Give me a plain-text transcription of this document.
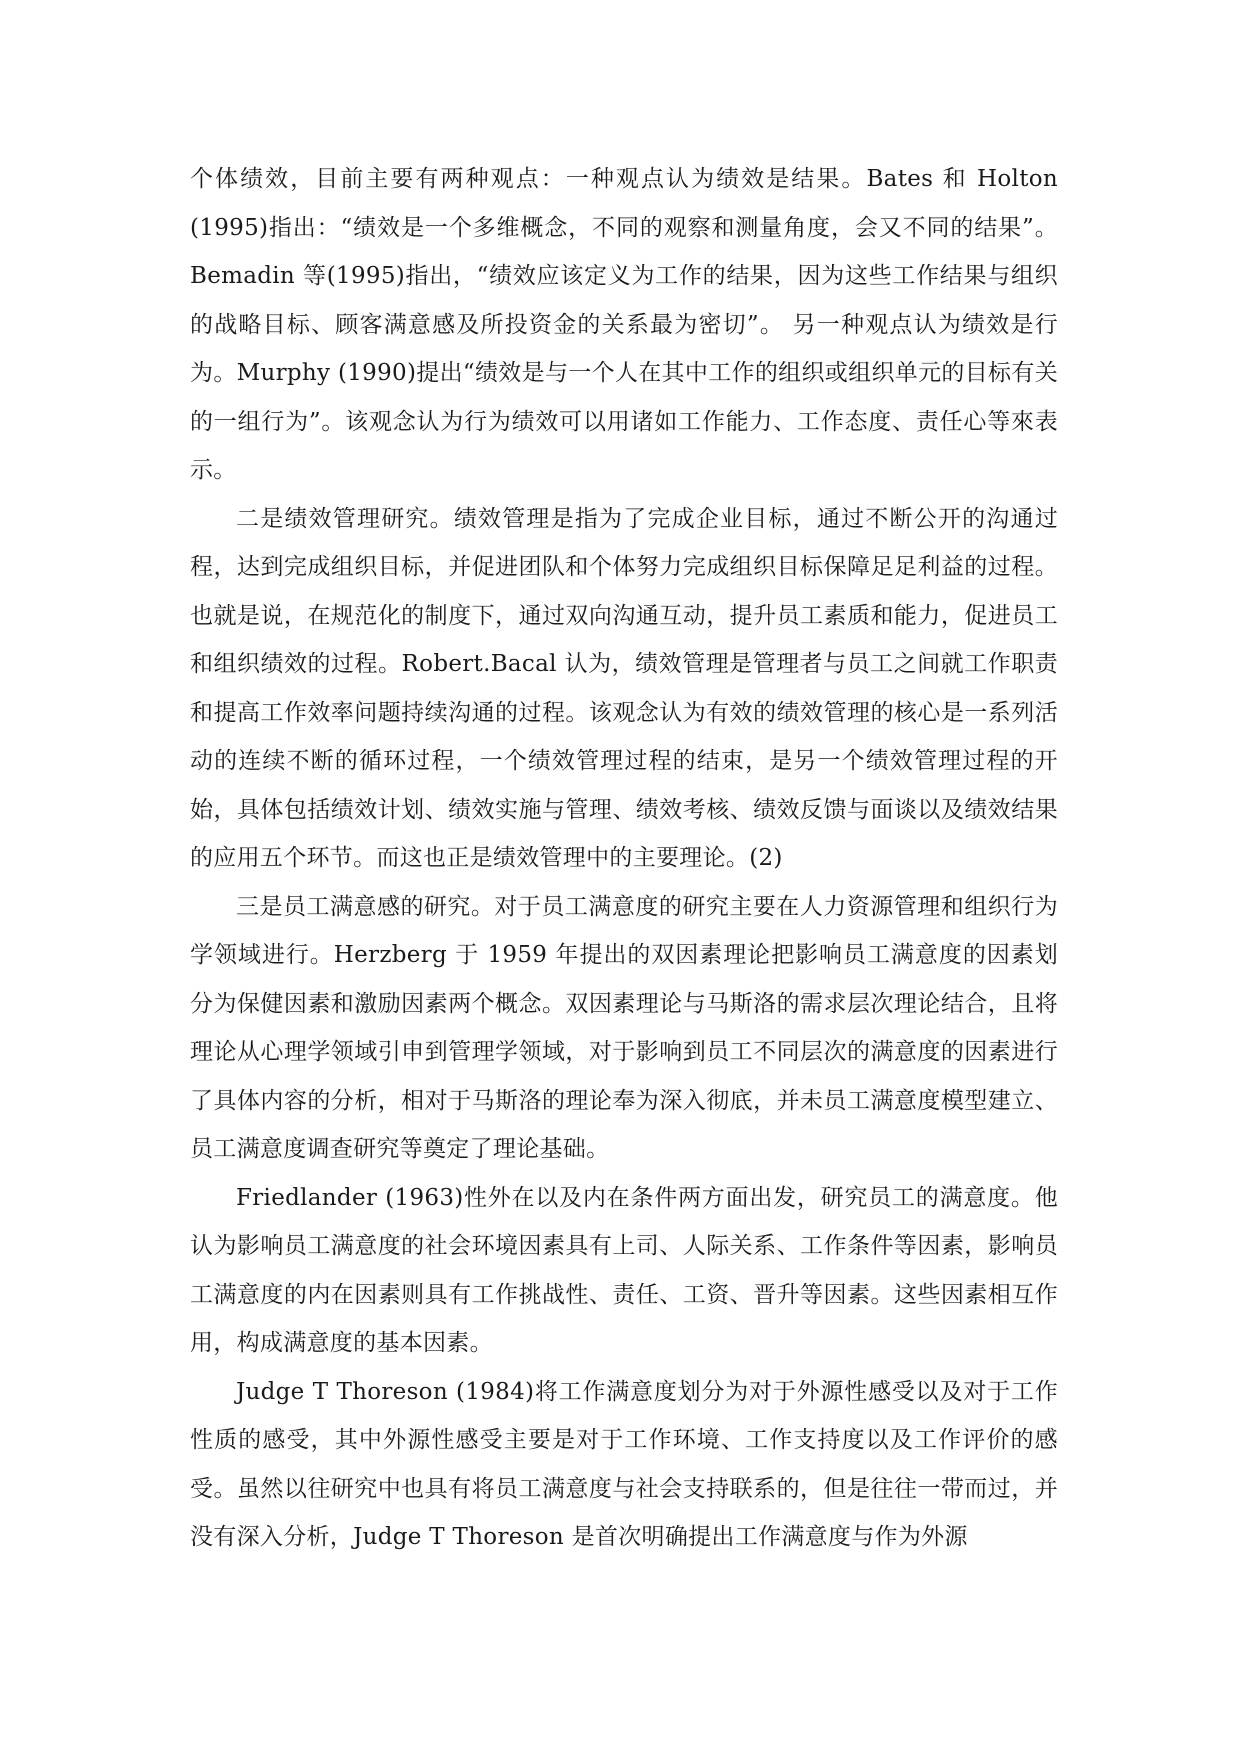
个体绩效，目前主要有两种观点：一种观点认为绩效是结果。Bates 和 Holton (1995)指出：“绩效是一个多维概念，不同的观察和测量角度，会又不同的结果”。Bemadin 等(1995)指出，“绩效应该定义为工作的结果，因为这些工作结果与组织的战略目标、顾客满意感及所投资金的关系最为密切”。 另一种观点认为绩效是行为。Murphy (1990)提出“绩效是与一个人在其中工作的组织或组织单元的目标有关的一组行为”。该观念认为行为绩效可以用诸如工作能力、工作态度、责任心等來表示。

二是绩效管理研究。绩效管理是指为了完成企业目标，通过不断公开的沟通过程，达到完成组织目标，并促进团队和个体努力完成组织目标保障足足利益的过程。也就是说，在规范化的制度下，通过双向沟通互动，提升员工素质和能力，促进员工和组织绩效的过程。Robert.Bacal 认为，绩效管理是管理者与员工之间就工作职责和提高工作效率问题持续沟通的过程。该观念认为有效的绩效管理的核心是一系列活动的连续不断的循环过程，一个绩效管理过程的结束，是另一个绩效管理过程的开始，具体包括绩效计划、绩效实施与管理、绩效考核、绩效反馈与面谈以及绩效结果的应用五个环节。而这也正是绩效管理中的主要理论。(2)

三是员工满意感的研究。对于员工满意度的研究主要在人力资源管理和组织行为学领域进行。Herzberg 于 1959 年提出的双因素理论把影响员工满意度的因素划分为保健因素和激励因素两个概念。双因素理论与马斯洛的需求层次理论结合，且将理论从心理学领域引申到管理学领域，对于影响到员工不同层次的满意度的因素进行了具体内容的分析，相对于马斯洛的理论奉为深入彻底，并未员工满意度模型建立、员工满意度调查研究等奠定了理论基础。

Friedlander (1963)性外在以及内在条件两方面出发，研究员工的满意度。他认为影响员工满意度的社会环境因素具有上司、人际关系、工作条件等因素，影响员工满意度的内在因素则具有工作挑战性、责任、工资、晋升等因素。这些因素相互作用，构成满意度的基本因素。

Judge T Thoreson (1984)将工作满意度划分为对于外源性感受以及对于工作性质的感受，其中外源性感受主要是对于工作环境、工作支持度以及工作评价的感受。虽然以往研究中也具有将员工满意度与社会支持联系的，但是往往一带而过，并没有深入分析，Judge T Thoreson 是首次明确提出工作满意度与作为外源
